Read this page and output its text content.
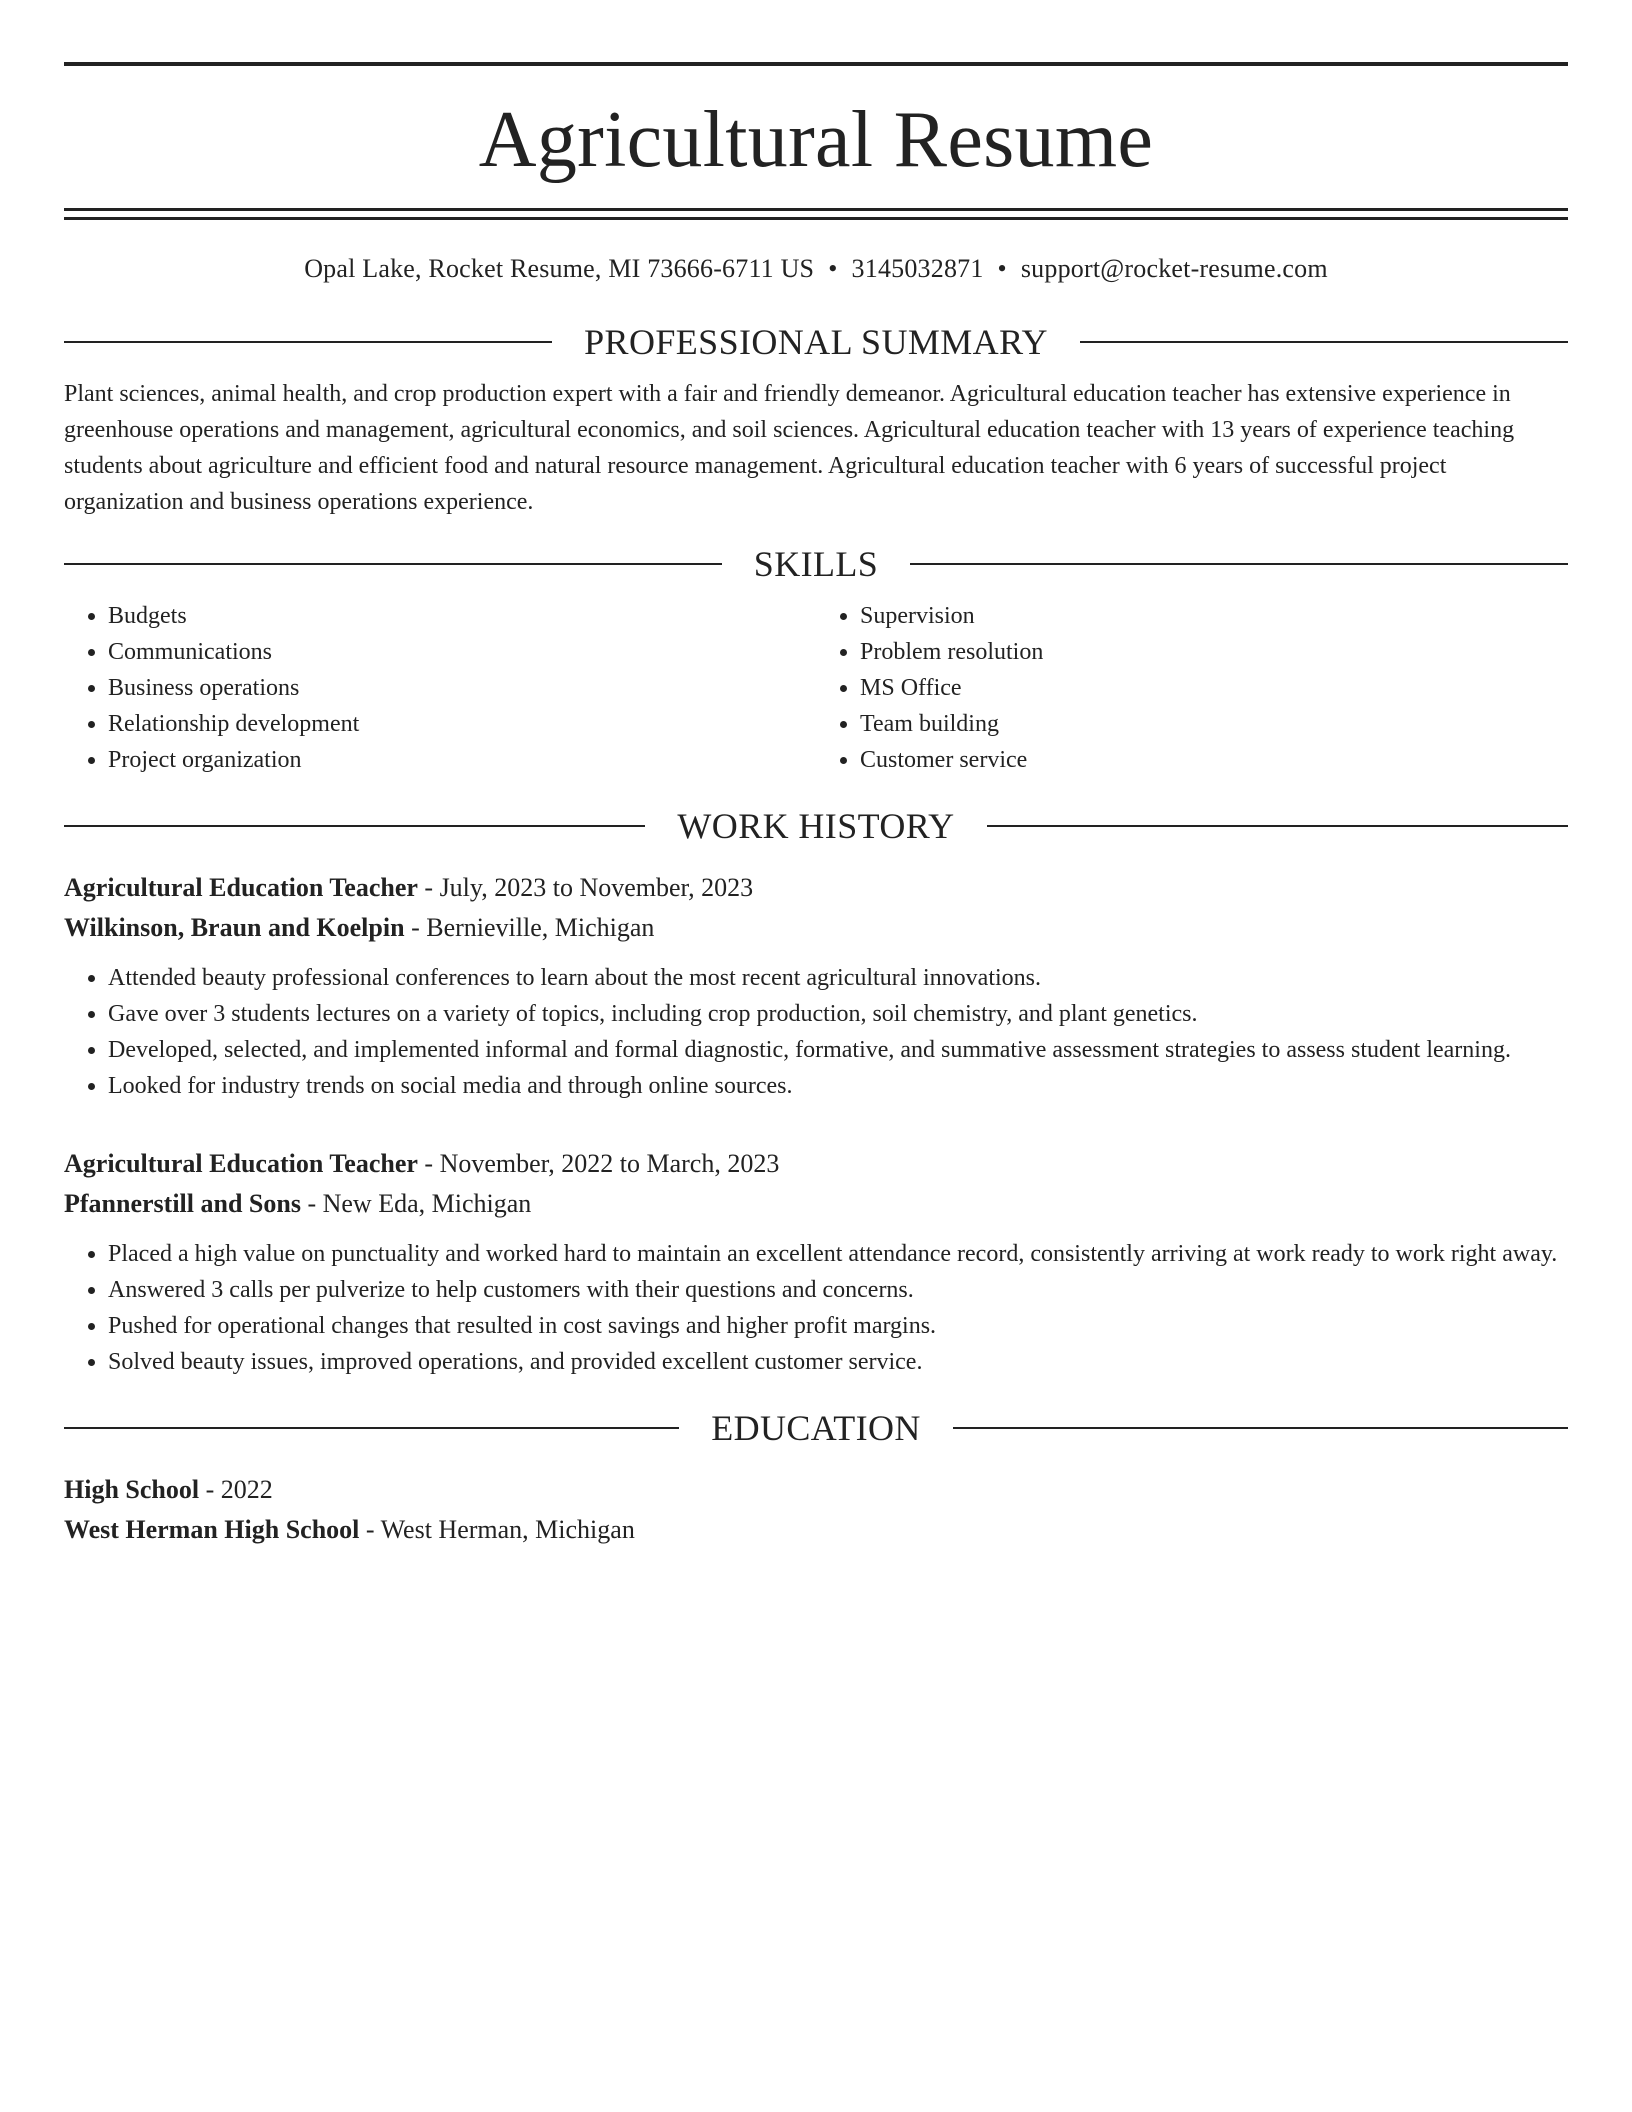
Agricultural Resume
Opal Lake, Rocket Resume, MI 73666-6711 US • 3145032871 • support@rocket-resume.com
PROFESSIONAL SUMMARY
Plant sciences, animal health, and crop production expert with a fair and friendly demeanor. Agricultural education teacher has extensive experience in greenhouse operations and management, agricultural economics, and soil sciences. Agricultural education teacher with 13 years of experience teaching students about agriculture and efficient food and natural resource management. Agricultural education teacher with 6 years of successful project organization and business operations experience.
SKILLS
• Budgets
• Communications
• Business operations
• Relationship development
• Project organization
• Supervision
• Problem resolution
• MS Office
• Team building
• Customer service
WORK HISTORY
Agricultural Education Teacher - July, 2023 to November, 2023
Wilkinson, Braun and Koelpin - Bernieville, Michigan
• Attended beauty professional conferences to learn about the most recent agricultural innovations.
• Gave over 3 students lectures on a variety of topics, including crop production, soil chemistry, and plant genetics.
• Developed, selected, and implemented informal and formal diagnostic, formative, and summative assessment strategies to assess student learning.
• Looked for industry trends on social media and through online sources.
Agricultural Education Teacher - November, 2022 to March, 2023
Pfannerstill and Sons - New Eda, Michigan
• Placed a high value on punctuality and worked hard to maintain an excellent attendance record, consistently arriving at work ready to work right away.
• Answered 3 calls per pulverize to help customers with their questions and concerns.
• Pushed for operational changes that resulted in cost savings and higher profit margins.
• Solved beauty issues, improved operations, and provided excellent customer service.
EDUCATION
High School - 2022
West Herman High School - West Herman, Michigan
